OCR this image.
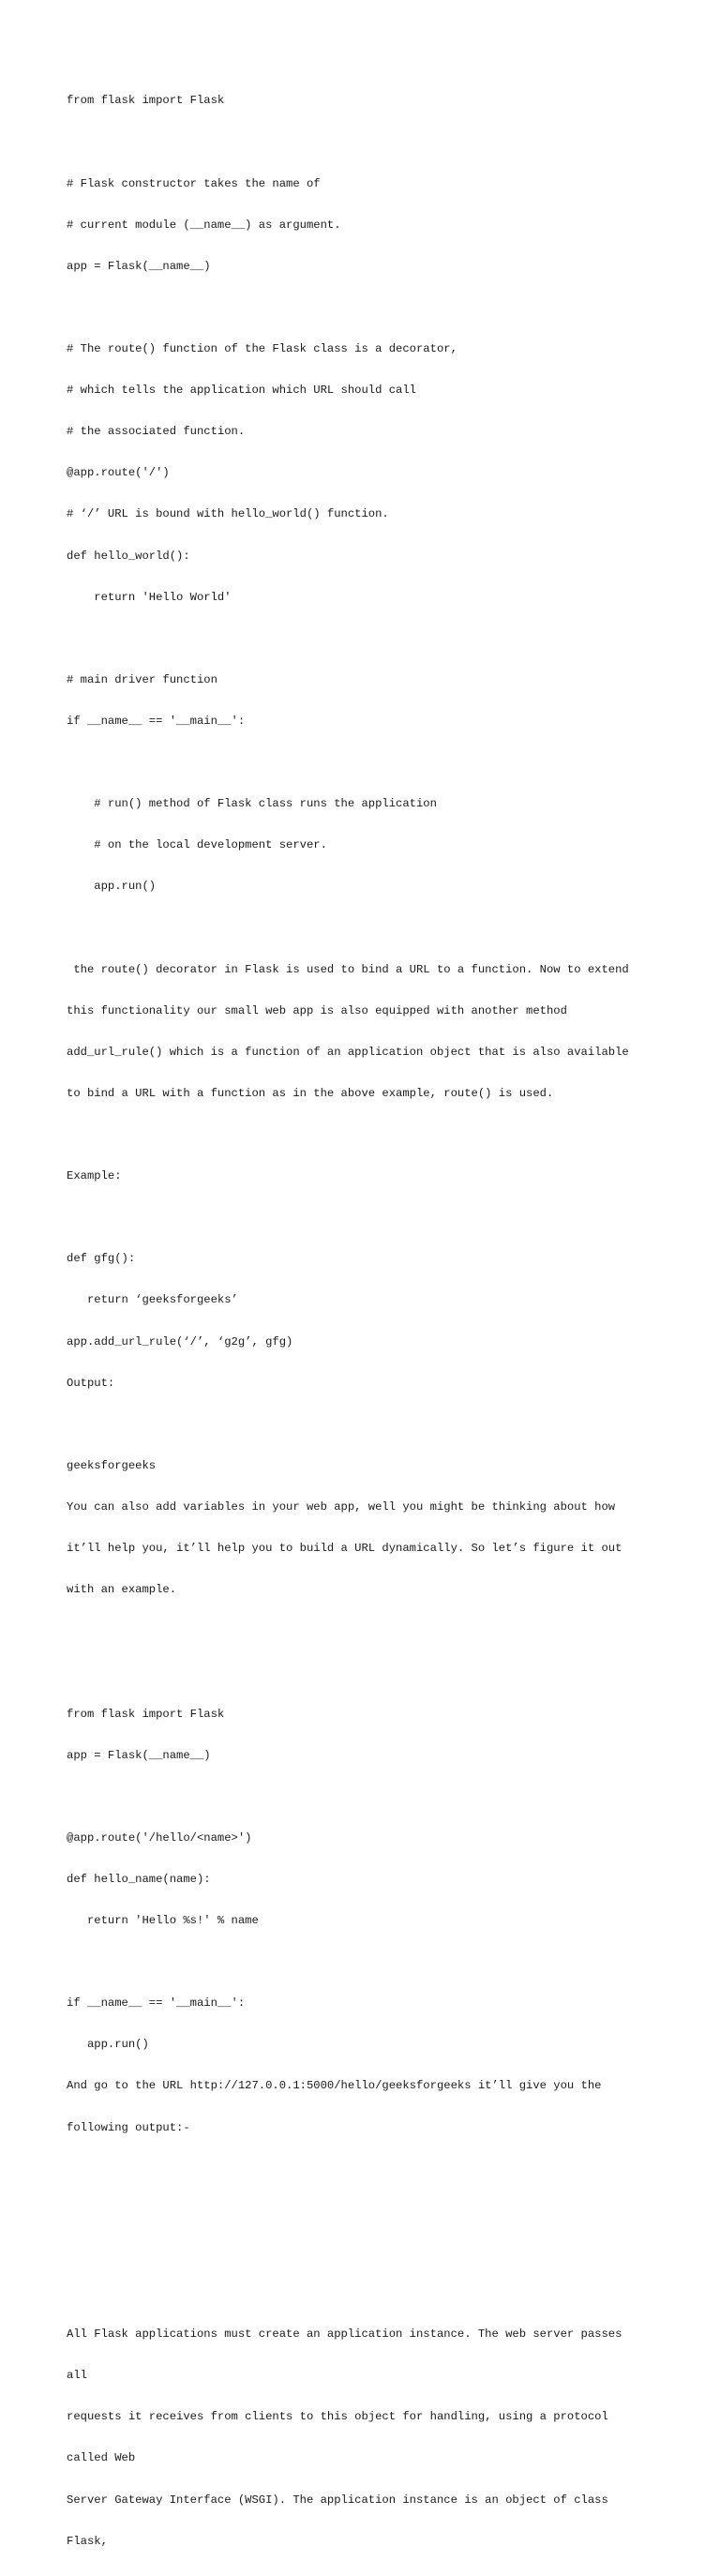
from flask import Flask

# Flask constructor takes the name of

# current module (__name__) as argument.

app = Flask(__name__)

# The route() function of the Flask class is a decorator,

# which tells the application which URL should call

# the associated function.

@app.route('/')

# ‘/’ URL is bound with hello_world() function.

def hello_world():

return 'Hello World'

# main driver function

if __name__ == '__main__':

# run() method of Flask class runs the application

# on the local development server.

app.run()

the route() decorator in Flask is used to bind a URL to a function. Now to extend

this functionality our small web app is also equipped with another method

add_url_rule() which is a function of an application object that is also available

to bind a URL with a function as in the above example, route() is used.

Example:

def gfg():

return ‘geeksforgeeks’

app.add_url_rule(‘/’, ‘g2g’, gfg)

Output:

geeksforgeeks

You can also add variables in your web app, well you might be thinking about how

it’ll help you, it’ll help you to build a URL dynamically. So let’s figure it out

with an example.

from flask import Flask

app = Flask(__name__)

@app.route('/hello/<name>')

def hello_name(name):

return 'Hello %s!' % name

if __name__ == '__main__':

app.run()

And go to the URL http://127.0.0.1:5000/hello/geeksforgeeks it’ll give you the

following output:-

All Flask applications must create an application instance. The web server passes

all

requests it receives from clients to this object for handling, using a protocol

called Web

Server Gateway Interface (WSGI). The application instance is an object of class

Flask,
